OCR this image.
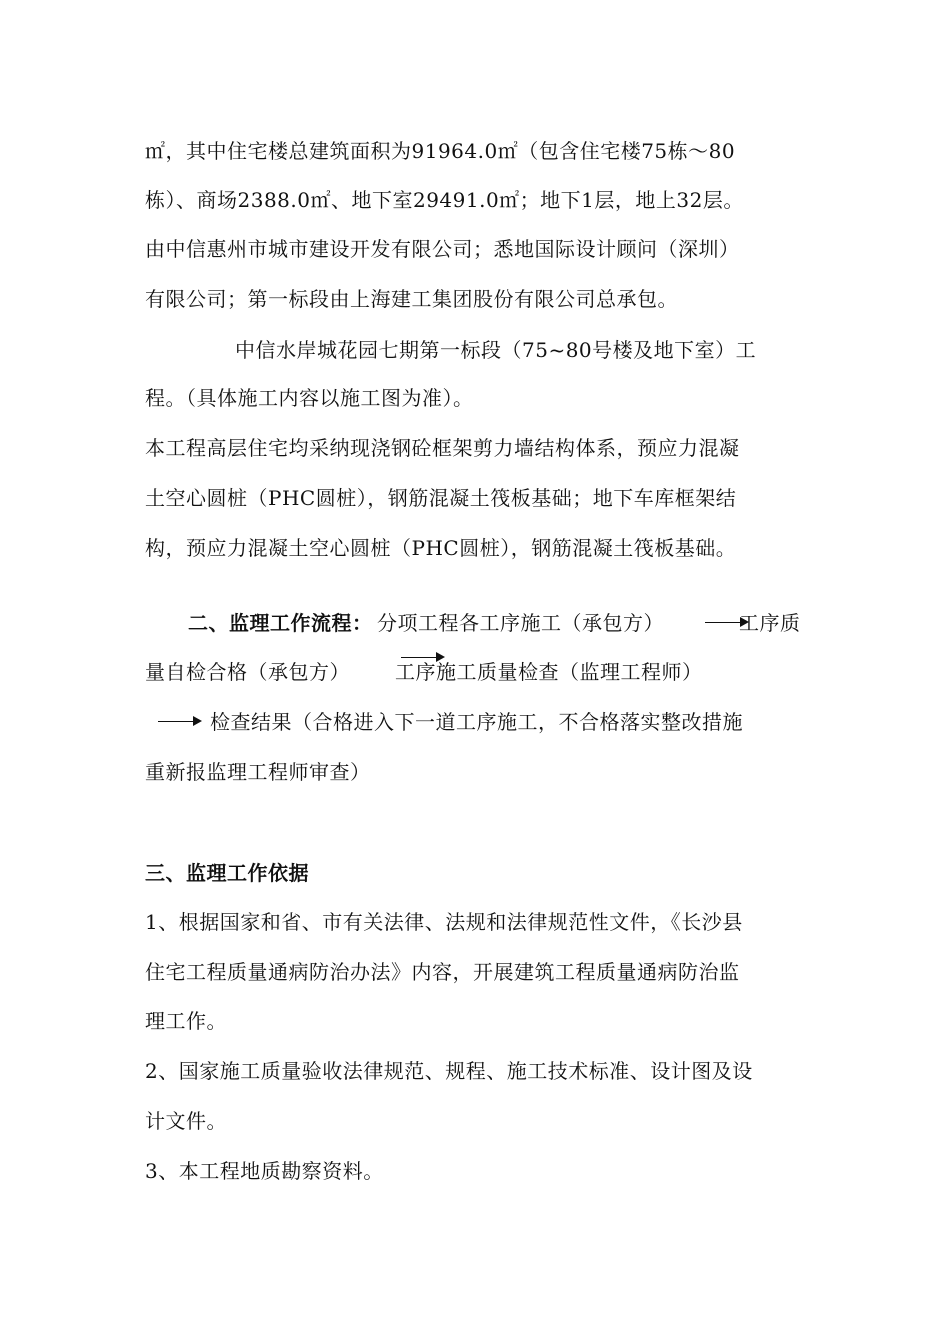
㎡，其中住宅楼总建筑面积为91964.0㎡（包含住宅楼75栋～80
栋）、商场2388.0㎡、地下室29491.0㎡；地下1层，地上32层。
由中信惠州市城市建设开发有限公司；悉地国际设计顾问（深圳）
有限公司；第一标段由上海建工集团股份有限公司总承包。
中信水岸城花园七期第一标段（75~80号楼及地下室）工
程。（具体施工内容以施工图为准）。
本工程高层住宅均采纳现浇钢砼框架剪力墙结构体系，预应力混凝
土空心圆桩（PHC圆桩），钢筋混凝土筏板基础；地下车库框架结
构，预应力混凝土空心圆桩（PHC圆桩），钢筋混凝土筏板基础。
二、监理工作流程： 分项工程各工序施工（承包方）	工序质
量自检合格（承包方） 工序施工质量检查（监理工程师）
检查结果（合格进入下一道工序施工，不合格落实整改措施
重新报监理工程师审查）
三、监理工作依据
1、根据国家和省、市有关法律、法规和法律规范性文件，《长沙县
住宅工程质量通病防治办法》内容，开展建筑工程质量通病防治监
理工作。
2、国家施工质量验收法律规范、规程、施工技术标准、设计图及设
计文件。
3、本工程地质勘察资料。
